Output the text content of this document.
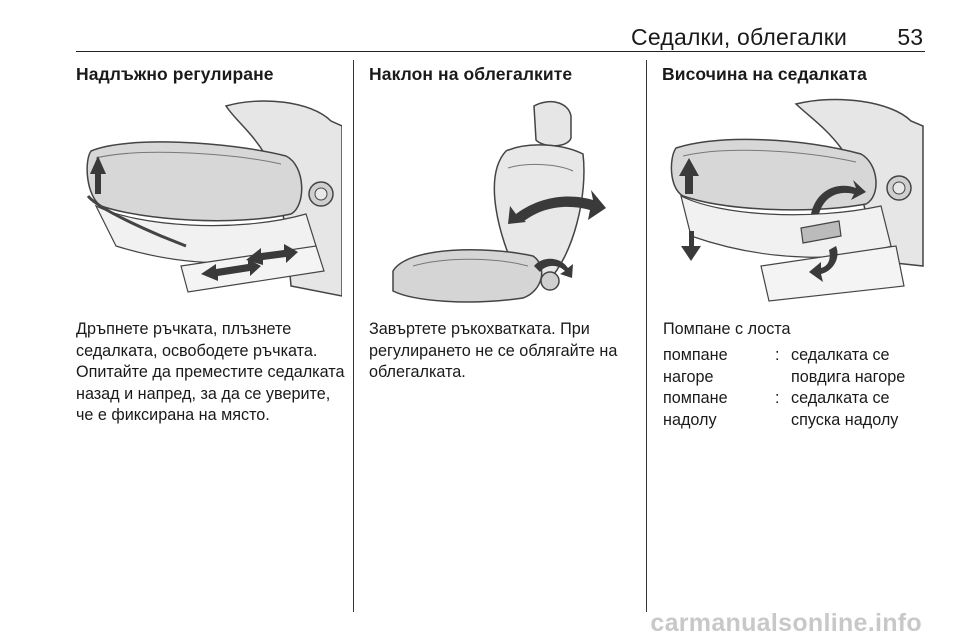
Седалки, облегалки 53
Надлъжно регулиране
Дръпнете ръчката, плъзнете
седалката, освободете ръчката.
Опитайте да преместите седалката
назад и напред, за да се уверите,
че е фиксирана на място.
Наклон на облегалките
Завъртете ръкохватката. При
регулирането не се облягайте на
облегалката.
Височина на седалката
Помпане с лоста
помпане
нагоре
: седалката се
повдига нагоре
помпане
надолу
: седалката се
спуска надолу
carmanualsonline.info
